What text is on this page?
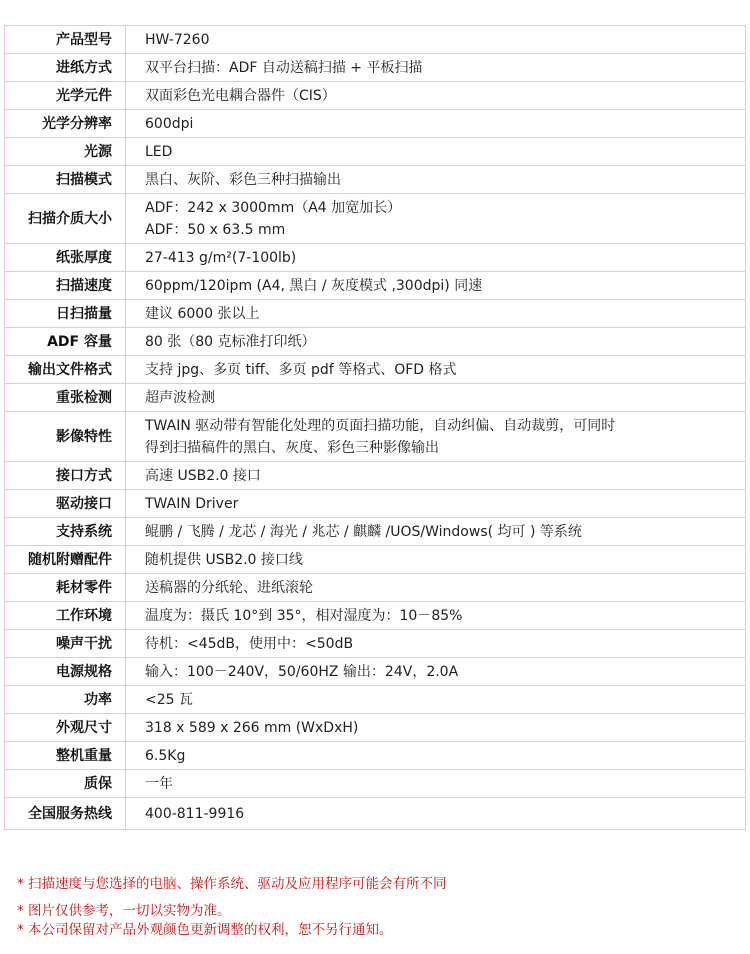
产品型号	HW-7260

进纸方式	双平台扫描：ADF 自动送稿扫描 + 平板扫描

光学元件	双面彩色光电耦合器件（CIS）

光学分辨率	600dpi

光源	LED

扫描模式	黑白、灰阶、彩色三种扫描输出

扫描介质大小	ADF：242 x 3000mm（A4 加宽加长）
ADF：50 x 63.5 mm

纸张厚度	27-413 g/m²(7-100lb)

扫描速度	60ppm/120ipm (A4, 黑白 / 灰度模式 ,300dpi) 同速

日扫描量	建议 6000 张以上

ADF 容量	80 张（80 克标准打印纸）

输出文件格式	支持 jpg、多页 tiff、多页 pdf 等格式、OFD 格式

重张检测	超声波检测

影像特性	TWAIN 驱动带有智能化处理的页面扫描功能，自动纠偏、自动裁剪，可同时
得到扫描稿件的黑白、灰度、彩色三种影像输出

接口方式	高速 USB2.0 接口

驱动接口	TWAIN Driver

支持系统	鲲鹏 / 飞腾 / 龙芯 / 海光 / 兆芯 / 麒麟 /UOS/Windows( 均可 ) 等系统

随机附赠配件	随机提供 USB2.0 接口线

耗材零件	送稿器的分纸轮、进纸滚轮

工作环境	温度为：摄氏 10°到 35°，相对湿度为：10－85%

噪声干扰	待机：<45dB，使用中：<50dB

电源规格	输入：100－240V，50/60HZ 输出：24V，2.0A

功率	<25 瓦

外观尺寸	318 x 589 x 266 mm (WxDxH)

整机重量	6.5Kg

质保	一年

全国服务热线	400-811-9916
* 扫描速度与您选择的电脑、操作系统、驱动及应用程序可能会有所不同
* 图片仅供参考，一切以实物为准。
* 本公司保留对产品外观颜色更新调整的权利，恕不另行通知。
